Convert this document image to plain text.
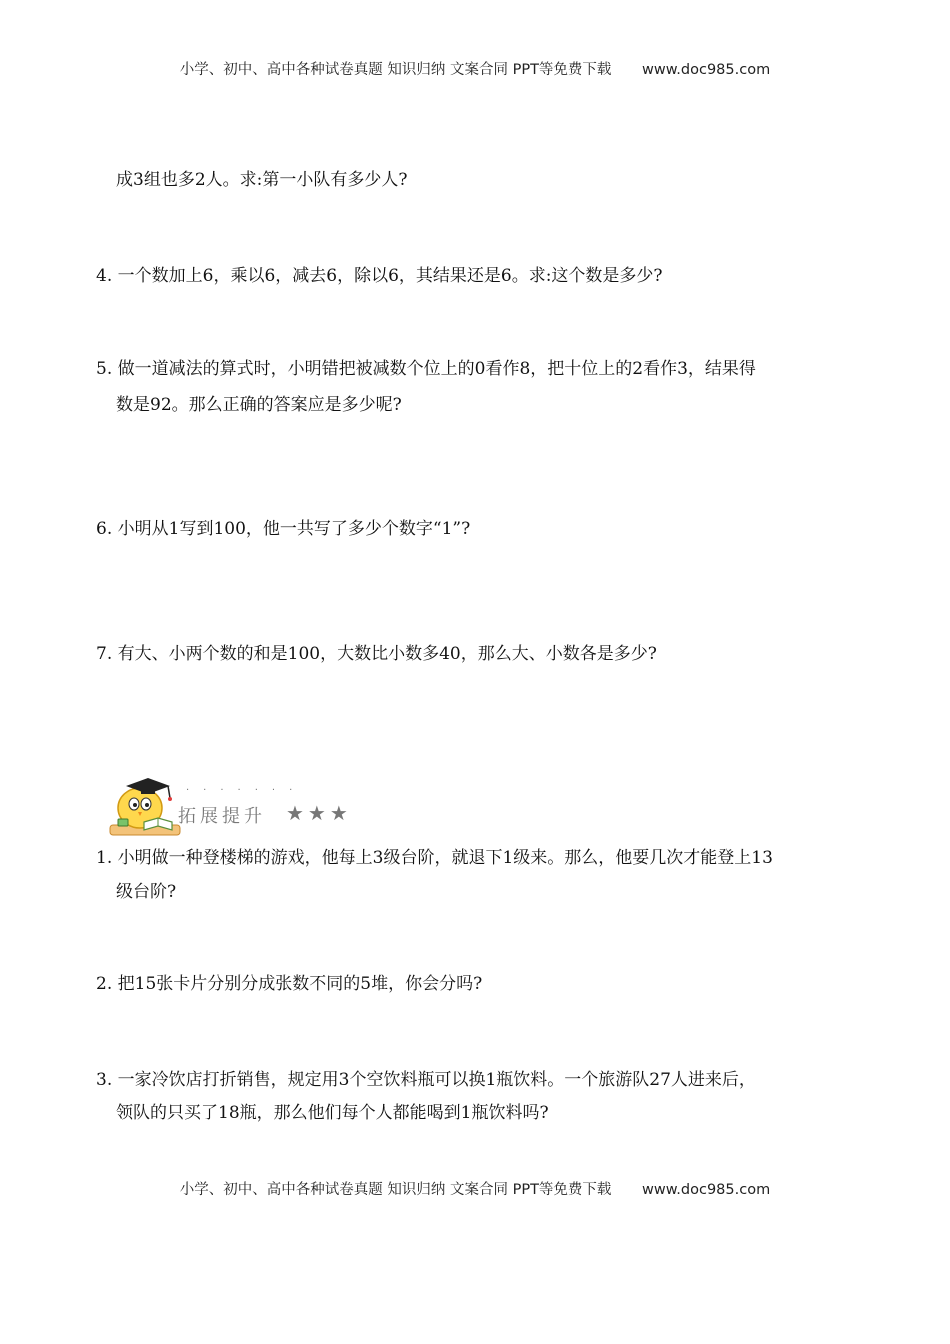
小学、初中、高中各种试卷真题 知识归纳 文案合同 PPT等免费下载 www.doc985.com
成3组也多2人。求:第一小队有多少人?
4. 一个数加上6，乘以6，减去6，除以6，其结果还是6。求:这个数是多少?
5. 做一道减法的算式时，小明错把被减数个位上的0看作8，把十位上的2看作3，结果得
数是92。那么正确的答案应是多少呢?
6. 小明从1写到100，他一共写了多少个数字“1”?
7. 有大、小两个数的和是100，大数比小数多40，那么大、小数各是多少?
·······
拓展提升 ★★★
1. 小明做一种登楼梯的游戏，他每上3级台阶，就退下1级来。那么，他要几次才能登上13
级台阶?
2. 把15张卡片分别分成张数不同的5堆，你会分吗?
3. 一家冷饮店打折销售，规定用3个空饮料瓶可以换1瓶饮料。一个旅游队27人进来后，
领队的只买了18瓶，那么他们每个人都能喝到1瓶饮料吗?
小学、初中、高中各种试卷真题 知识归纳 文案合同 PPT等免费下载 www.doc985.com
